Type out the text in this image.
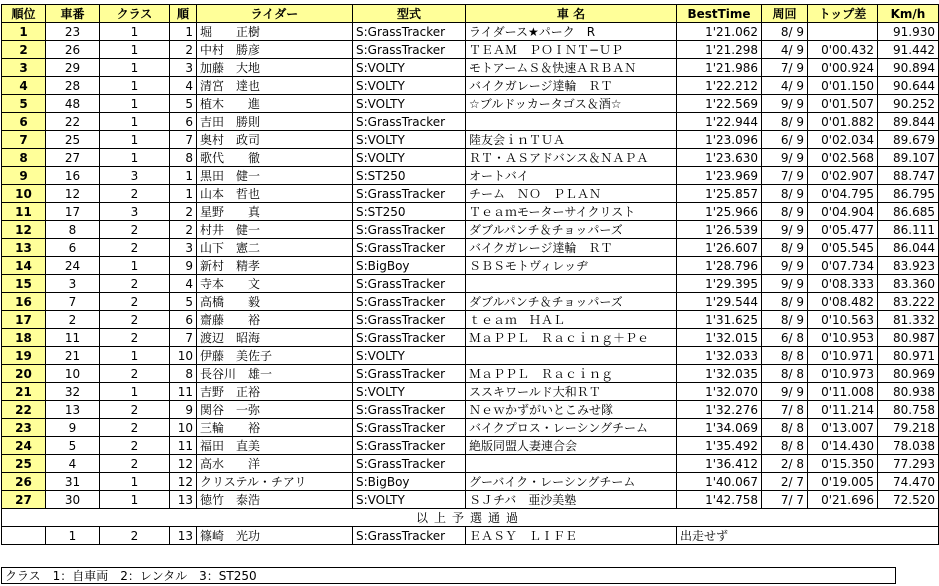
順位	車番	クラス	順	ライダー	型式	車 名	BestTime	周回	トップ差	Km/h
1	23	1	1	堀　　正樹	S:GrassTracker	ライダース★パーク　R	1'21.062	8/ 9		91.930
2	26	1	2	中村　勝彦	S:GrassTracker	ＴＥＡＭ　ＰＯＩＮＴ−ＵＰ	1'21.298	4/ 9	0'00.432	91.442
3	29	1	3	加藤　大地	S:VOLTY	モトアームＳ＆快速ＡＲＢＡＮ	1'21.986	7/ 9	0'00.924	90.894
4	28	1	4	清宮　達也	S:VOLTY	バイクガレージ達輪　ＲＴ	1'22.212	4/ 9	0'01.150	90.644
5	48	1	5	植木　　進	S:VOLTY	☆ブルドッカータゴス＆酒☆	1'22.569	9/ 9	0'01.507	90.252
6	22	1	6	吉田　勝則	S:GrassTracker		1'22.944	8/ 9	0'01.882	89.844
7	25	1	7	奥村　政司	S:VOLTY	陸友会ｉｎＴＵＡ	1'23.096	6/ 9	0'02.034	89.679
8	27	1	8	歌代　　徹	S:VOLTY	ＲＴ・ＡＳアドバンス＆ＮＡＰＡ	1'23.630	9/ 9	0'02.568	89.107
9	16	3	1	黒田　健一	S:ST250	オートバイ	1'23.969	7/ 9	0'02.907	88.747
10	12	2	1	山本　哲也	S:GrassTracker	チーム　ＮＯ　ＰＬＡＮ	1'25.857	8/ 9	0'04.795	86.795
11	17	3	2	星野　　真	S:ST250	Ｔｅａｍモーターサイクリスト	1'25.966	8/ 9	0'04.904	86.685
12	8	2	2	村井　健一	S:GrassTracker	ダブルパンチ＆チョッパーズ	1'26.539	9/ 9	0'05.477	86.111
13	6	2	3	山下　憲二	S:GrassTracker	バイクガレージ達輪　ＲＴ	1'26.607	8/ 9	0'05.545	86.044
14	24	1	9	新村　精孝	S:BigBoy	ＳＢＳモトヴィレッヂ	1'28.796	9/ 9	0'07.734	83.923
15	3	2	4	寺本　　文	S:GrassTracker		1'29.395	9/ 9	0'08.333	83.360
16	7	2	5	高橋　　毅	S:GrassTracker	ダブルパンチ＆チョッパーズ	1'29.544	8/ 9	0'08.482	83.222
17	2	2	6	齋藤　　裕	S:GrassTracker	ｔｅａｍ　ＨＡＬ	1'31.625	8/ 9	0'10.563	81.332
18	11	2	7	渡辺　昭海	S:GrassTracker	ＭａＰＰＬ　Ｒａｃｉｎｇ＋Ｐｅ	1'32.015	6/ 8	0'10.953	80.987
19	21	1	10	伊藤　美佐子	S:VOLTY		1'32.033	8/ 8	0'10.971	80.971
20	10	2	8	長谷川　雄一	S:GrassTracker	ＭａＰＰＬ　Ｒａｃｉｎｇ	1'32.035	8/ 8	0'10.973	80.969
21	32	1	11	吉野　正裕	S:VOLTY	ススキワールド大和ＲＴ	1'32.070	9/ 9	0'11.008	80.938
22	13	2	9	関谷　一弥	S:GrassTracker	Ｎｅｗかずがいとこみせ隊	1'32.276	7/ 8	0'11.214	80.758
23	9	2	10	三輪　　裕	S:GrassTracker	バイクプロス・レーシングチーム	1'34.069	8/ 8	0'13.007	79.218
24	5	2	11	福田　直美	S:GrassTracker	絶版同盟人妻連合会	1'35.492	8/ 8	0'14.430	78.038
25	4	2	12	高水　　洋	S:GrassTracker		1'36.412	2/ 8	0'15.350	77.293
26	31	1	12	クリステル・チアリ	S:BigBoy	グーバイク・レーシングチーム	1'40.067	2/ 7	0'19.005	74.470
27	30	1	13	徳竹　泰浩	S:VOLTY	ＳＪチバ　亜沙美塾	1'42.758	7/ 7	0'21.696	72.520
以上予選通過										
	1	2	13	篠崎　光功	S:GrassTracker	ＥＡＳＹ　ＬＩＦＥ	出走せず			
クラス　1：自車両　2：レンタル　3：ST250
